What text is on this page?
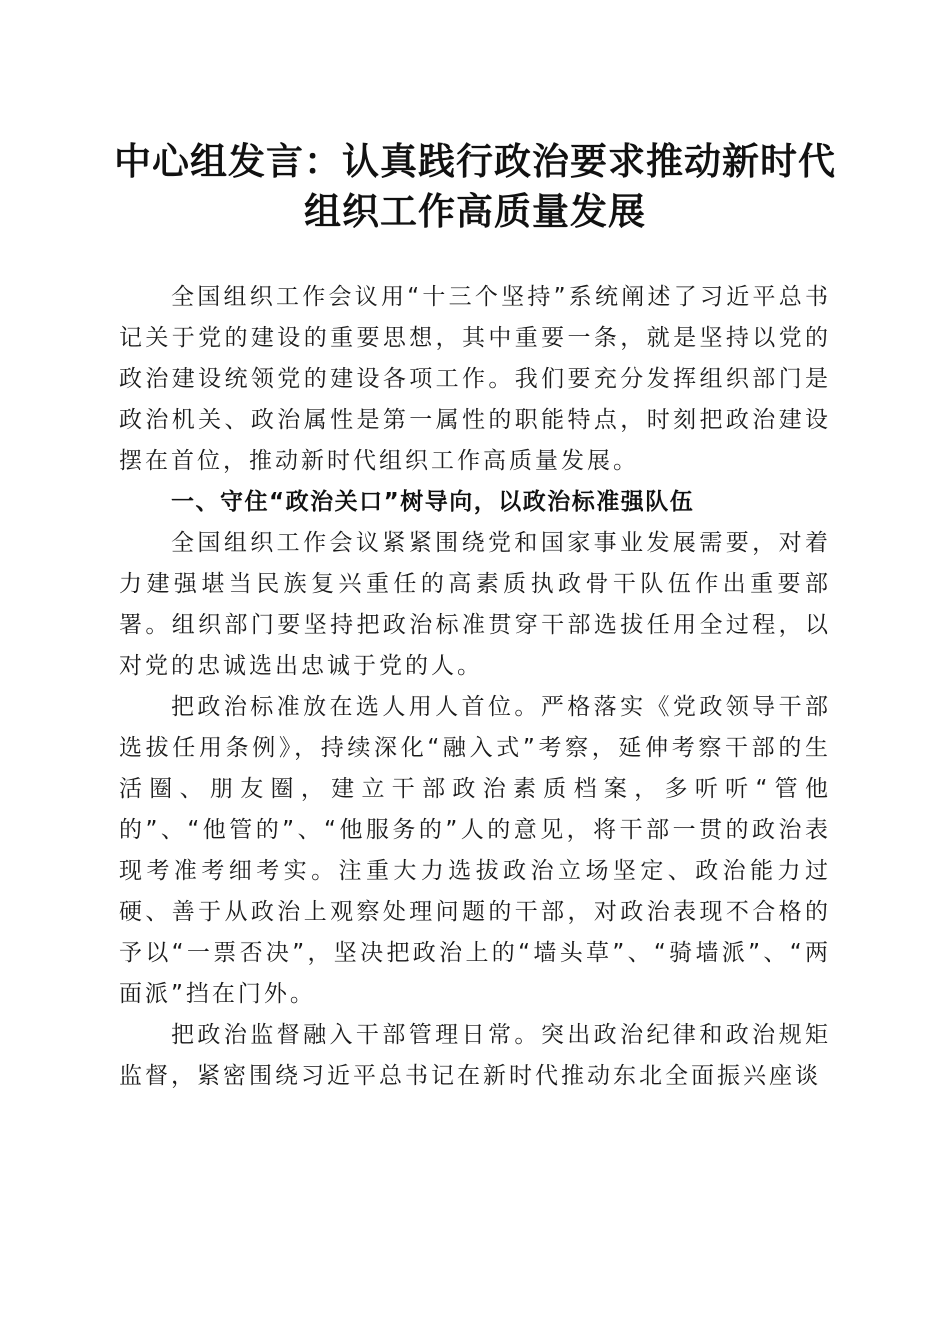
中心组发言：认真践行政治要求推动新时代组织工作高质量发展

全国组织工作会议用“十三个坚持”系统阐述了习近平总书记关于党的建设的重要思想，其中重要一条，就是坚持以党的政治建设统领党的建设各项工作。我们要充分发挥组织部门是政治机关、政治属性是第一属性的职能特点，时刻把政治建设摆在首位，推动新时代组织工作高质量发展。

一、守住“政治关口”树导向，以政治标准强队伍

全国组织工作会议紧紧围绕党和国家事业发展需要，对着力建强堪当民族复兴重任的高素质执政骨干队伍作出重要部署。组织部门要坚持把政治标准贯穿干部选拔任用全过程，以对党的忠诚选出忠诚于党的人。

把政治标准放在选人用人首位。严格落实《党政领导干部选拔任用条例》，持续深化“融入式”考察，延伸考察干部的生活圈、朋友圈，建立干部政治素质档案，多听听“管他的”、“他管的”、“他服务的”人的意见，将干部一贯的政治表现考准考细考实。注重大力选拔政治立场坚定、政治能力过硬、善于从政治上观察处理问题的干部，对政治表现不合格的予以“一票否决”，坚决把政治上的“墙头草”、“骑墙派”、“两面派”挡在门外。

把政治监督融入干部管理日常。突出政治纪律和政治规矩监督，紧密围绕习近平总书记在新时代推动东北全面振兴座谈
